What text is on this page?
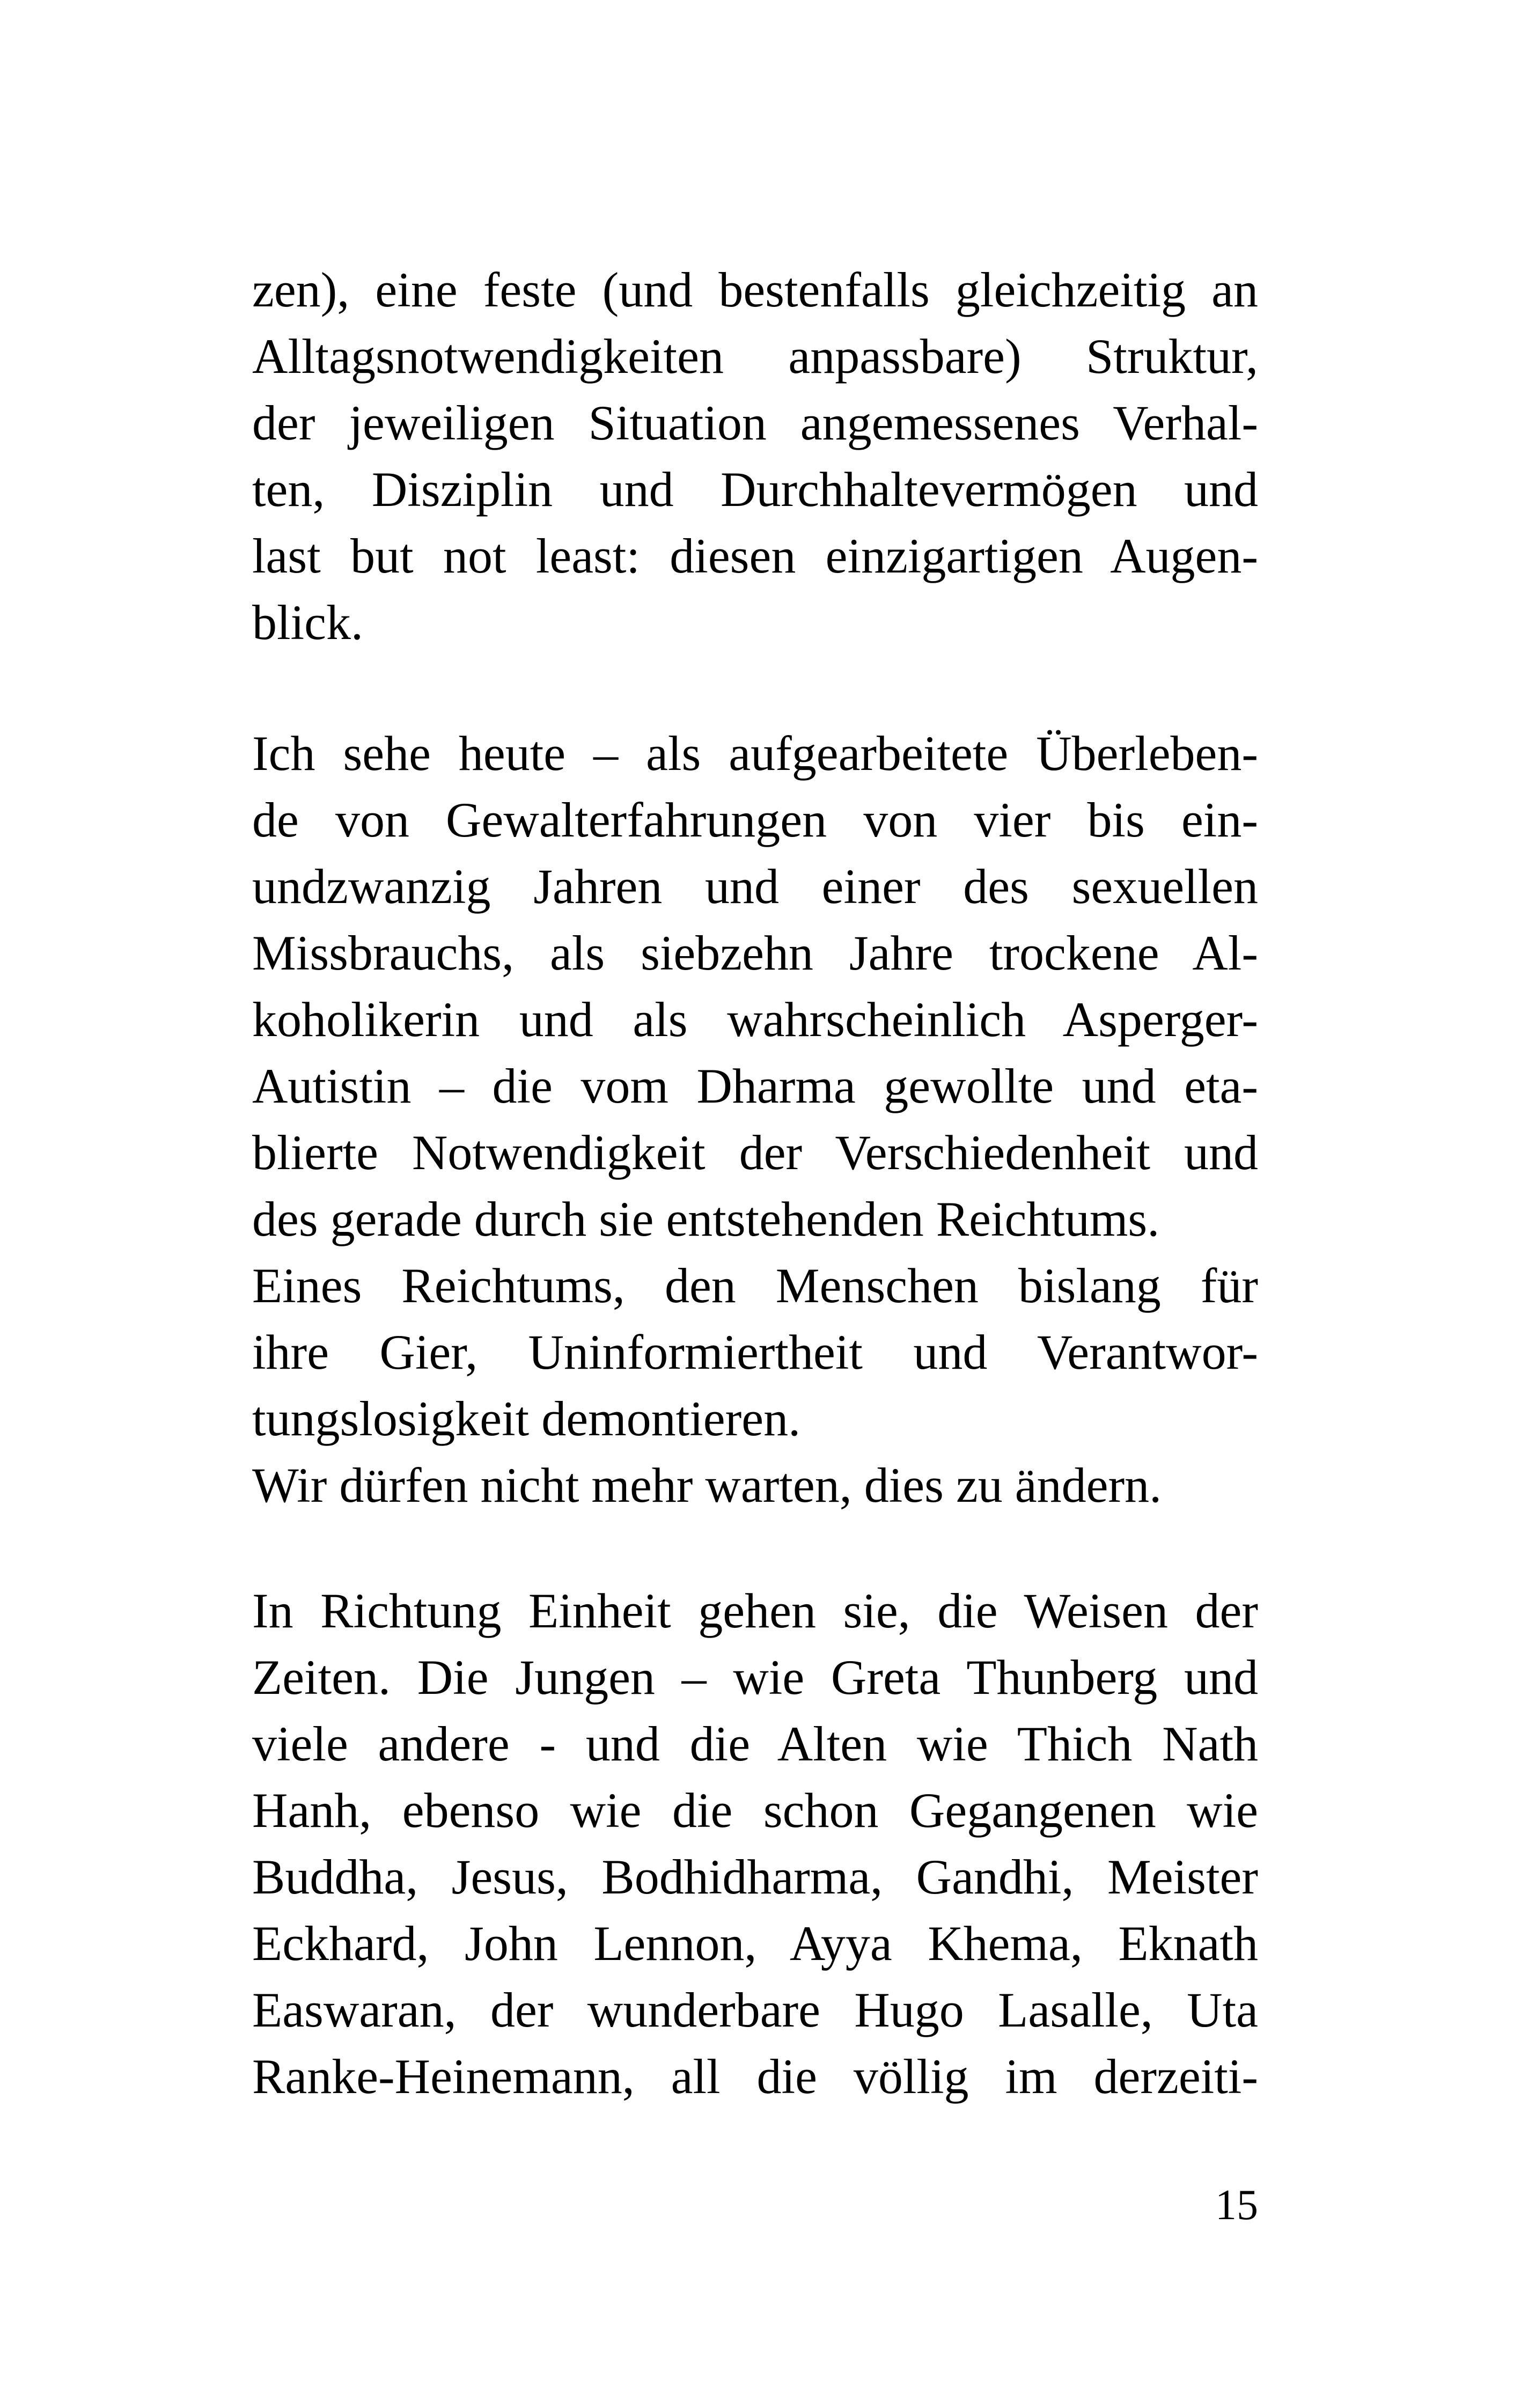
zen), eine feste (und bestenfalls gleichzeitig an
Alltagsnotwendigkeiten anpassbare) Struktur,
der jeweiligen Situation angemessenes Verhal-
ten, Disziplin und Durchhaltevermögen und
last but not least: diesen einzigartigen Augen-
blick.
Ich sehe heute – als aufgearbeitete Überleben-
de von Gewalterfahrungen von vier bis ein-
undzwanzig Jahren und einer des sexuellen
Missbrauchs, als siebzehn Jahre trockene Al-
koholikerin und als wahrscheinlich Asperger-
Autistin – die vom Dharma gewollte und eta-
blierte Notwendigkeit der Verschiedenheit und
des gerade durch sie entstehenden Reichtums.
Eines Reichtums, den Menschen bislang für
ihre Gier, Uninformiertheit und Verantwor-
tungslosigkeit demontieren.
Wir dürfen nicht mehr warten, dies zu ändern.
In Richtung Einheit gehen sie, die Weisen der
Zeiten. Die Jungen – wie Greta Thunberg und
viele andere - und die Alten wie Thich Nath
Hanh, ebenso wie die schon Gegangenen wie
Buddha, Jesus, Bodhidharma, Gandhi, Meister
Eckhard, John Lennon, Ayya Khema, Eknath
Easwaran, der wunderbare Hugo Lasalle, Uta
Ranke-Heinemann, all die völlig im derzeiti-
15
